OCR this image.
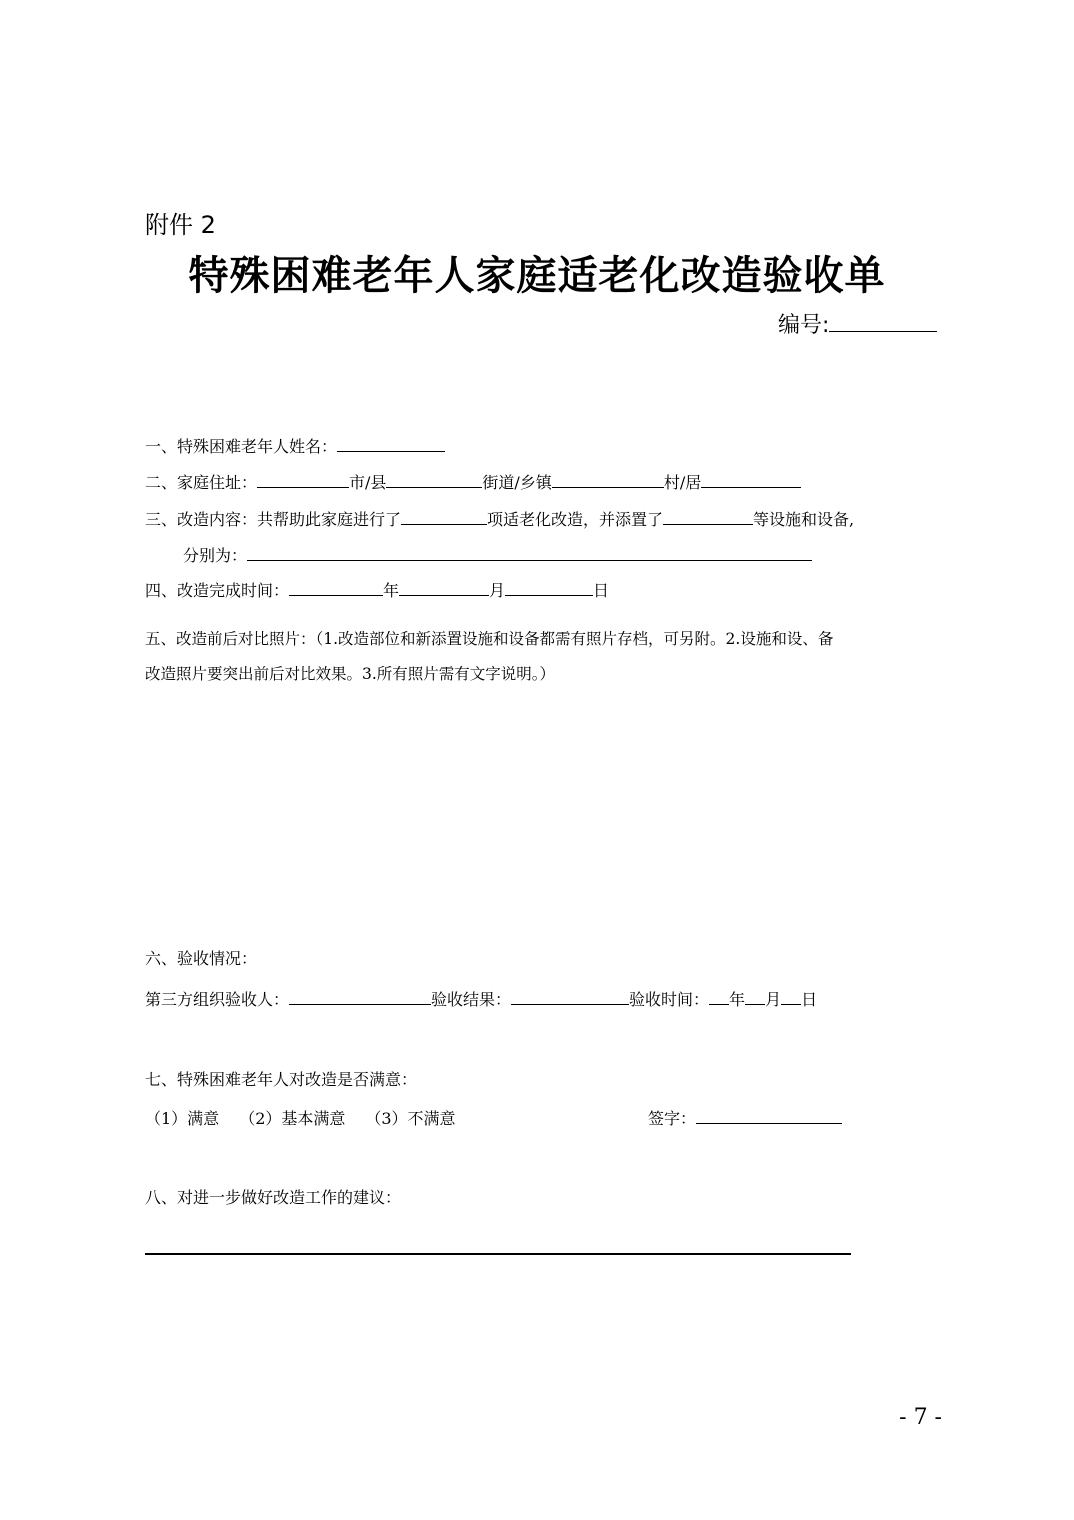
附件 2
特殊困难老年人家庭适老化改造验收单
编号:
一、特殊困难老年人姓名：
二、家庭住址：	市/县	街道/乡镇	村/居
三、改造内容：共帮助此家庭进行了	项适老化改造，并添置了	等设施和设备,
分别为：
四、改造完成时间：	年	月	日
五、改造前后对比照片：（1.改造部位和新添置设施和设备都需有照片存档，可另附。2.设施和设、备
改造照片要突出前后对比效果。3.所有照片需有文字说明。）
六、验收情况：
第三方组织验收人：	验收结果：	验收时间： 年 月 日
七、特殊困难老年人对改造是否满意：
（1）满意 （2）基本满意 （3）不满意	签字：
八、对进一步做好改造工作的建议：
- 7 -
